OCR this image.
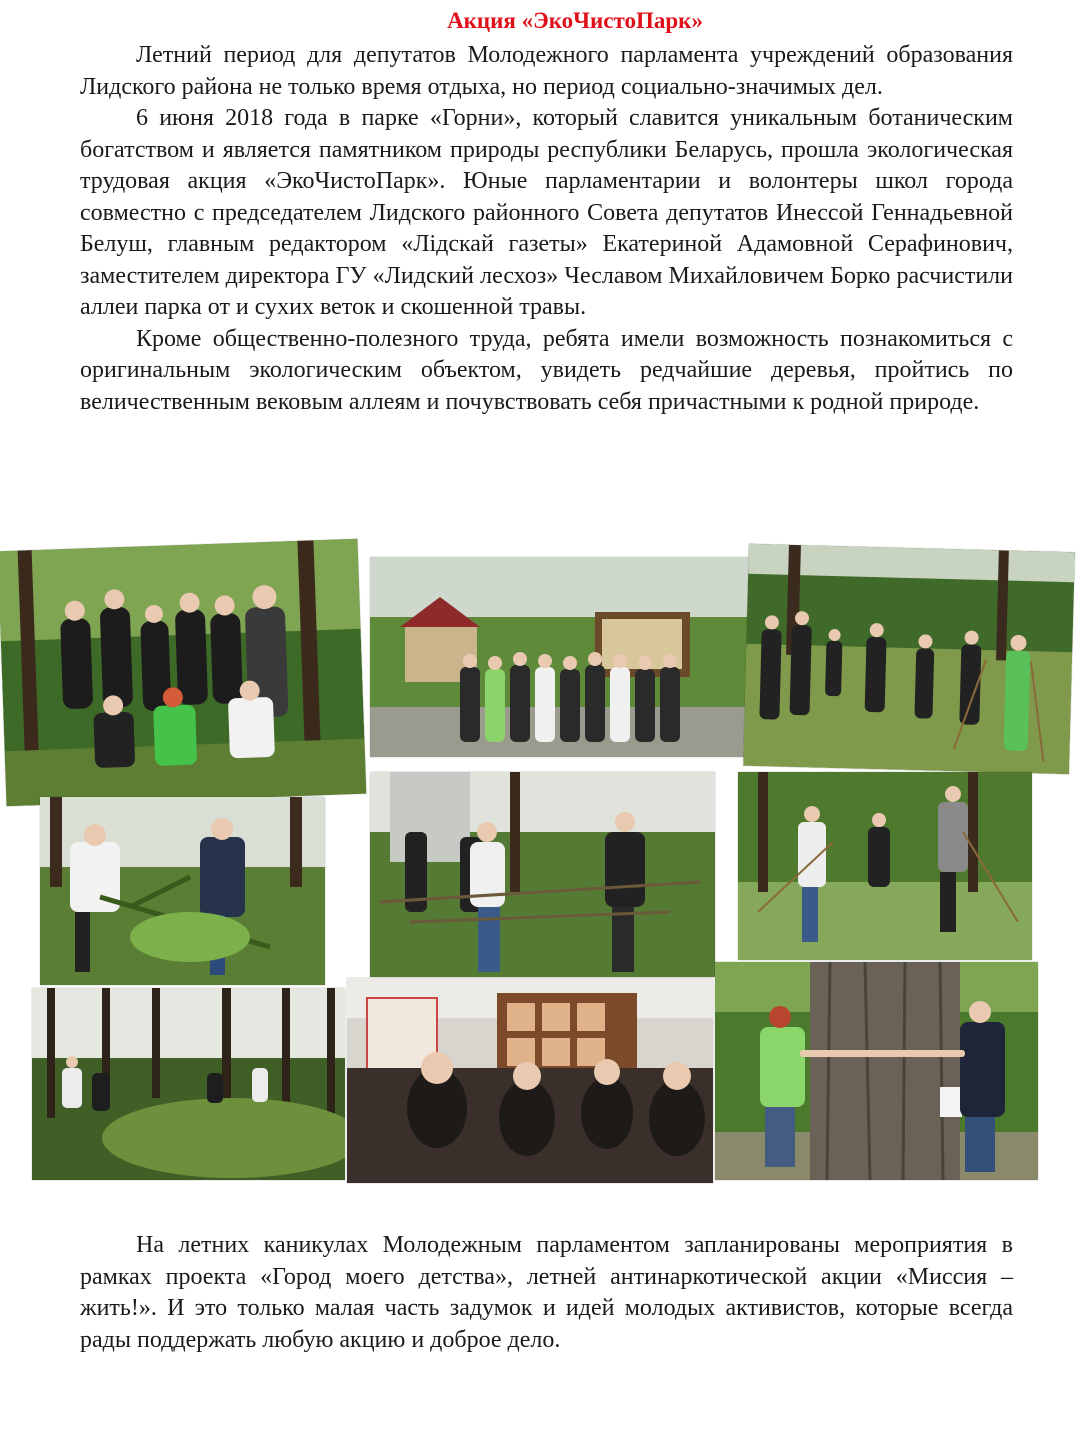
Акция «ЭкоЧистоПарк»

Летний период для депутатов Молодежного парламента учреждений образования Лидского района не только время отдыха, но период социально-значимых дел.

6 июня 2018 года в парке «Горни», который славится уникальным ботаническим богатством и является памятником природы республики Беларусь, прошла экологическая трудовая акция «ЭкоЧистоПарк». Юные парламентарии и волонтеры школ города совместно с председателем Лидского районного Совета депутатов Инессой Геннадьевной Белуш, главным редактором «Лідскай газеты» Екатериной Адамовной Серафинович, заместителем директора ГУ «Лидский лесхоз» Чеславом Михайловичем Борко расчистили аллеи парка от и сухих веток и скошенной травы.

Кроме общественно-полезного труда, ребята имели возможность познакомиться с оригинальным экологическим объектом, увидеть редчайшие деревья, пройтись по величественным вековым аллеям и почувствовать себя причастными к родной природе.

На летних каникулах Молодежным парламентом запланированы мероприятия в рамках проекта «Город моего детства», летней антинаркотической акции «Миссия – жить!». И это только малая часть задумок и идей молодых активистов, которые всегда рады поддержать любую акцию и доброе дело.
